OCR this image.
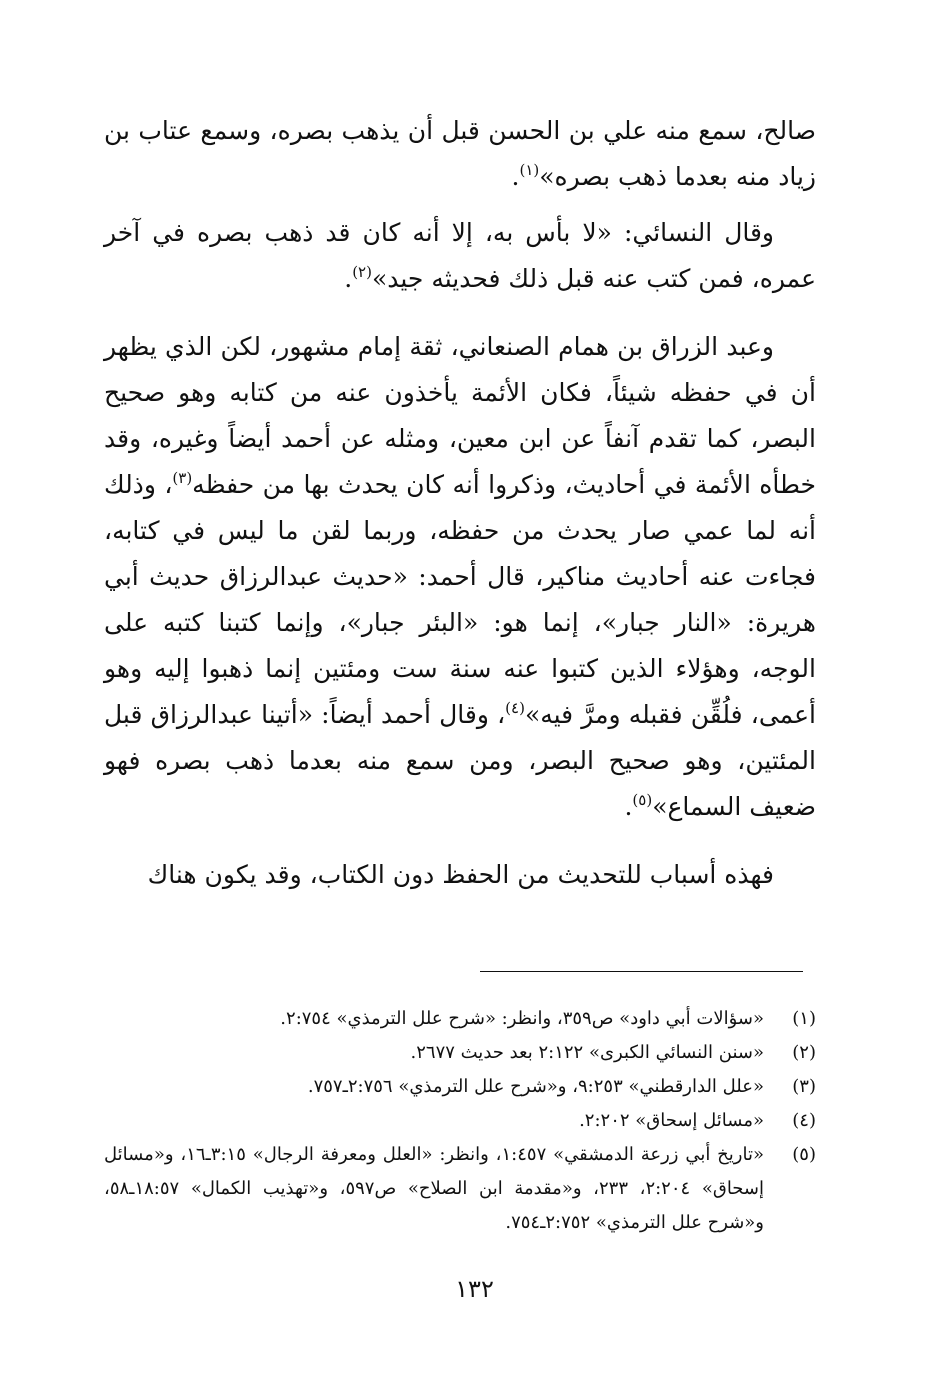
صالح، سمع منه علي بن الحسن قبل أن يذهب بصره، وسمع عتاب بن زياد منه بعدما ذهب بصره»$^{(١)}$.

وقال النسائي: «لا بأس به، إلا أنه كان قد ذهب بصره في آخر عمره، فمن كتب عنه قبل ذلك فحديثه جيد»$^{(٢)}$.

وعبد الزراق بن همام الصنعاني، ثقة إمام مشهور، لكن الذي يظهر أن في حفظه شيئاً، فكان الأئمة يأخذون عنه من كتابه وهو صحيح البصر، كما تقدم آنفاً عن ابن معين، ومثله عن أحمد أيضاً وغيره، وقد خطأه الأئمة في أحاديث، وذكروا أنه كان يحدث بها من حفظه$^{(٣)}$، وذلك أنه لما عمي صار يحدث من حفظه، وربما لقن ما ليس في كتابه، فجاءت عنه أحاديث مناكير، قال أحمد: «حديث عبدالرزاق حديث أبي هريرة: «النار جبار»، إنما هو: «البئر جبار»، وإنما كتبنا كتبه على الوجه، وهؤلاء الذين كتبوا عنه سنة ست ومئتين إنما ذهبوا إليه وهو أعمى، فلُقِّن فقبله ومرَّ فيه»$^{(٤)}$، وقال أحمد أيضاً: «أتينا عبدالرزاق قبل المئتين، وهو صحيح البصر، ومن سمع منه بعدما ذهب بصره فهو ضعيف السماع»$^{(٥)}$.

فهذه أسباب للتحديث من الحفظ دون الكتاب، وقد يكون هناك

(١)
«سؤالات أبي داود» ص٣٥٩، وانظر: «شرح علل الترمذي» ٢:٧٥٤.
(٢)
«سنن النسائي الكبرى» ٢:١٢٢ بعد حديث ٢٦٧٧.
(٣)
«علل الدارقطني» ٩:٢٥٣، و«شرح علل الترمذي» ٢:٧٥٦ـ٧٥٧.
(٤)
«مسائل إسحاق» ٢:٢٠٢.
(٥)
«تاريخ أبي زرعة الدمشقي» ١:٤٥٧، وانظر: «العلل ومعرفة الرجال» ٣:١٥ـ١٦، و«مسائل إسحاق» ٢:٢٠٤، ٢٣٣، و«مقدمة ابن الصلاح» ص٥٩٧، و«تهذيب الكمال» ١٨:٥٧ـ٥٨، و«شرح علل الترمذي» ٢:٧٥٢ـ٧٥٤.
١٣٢
